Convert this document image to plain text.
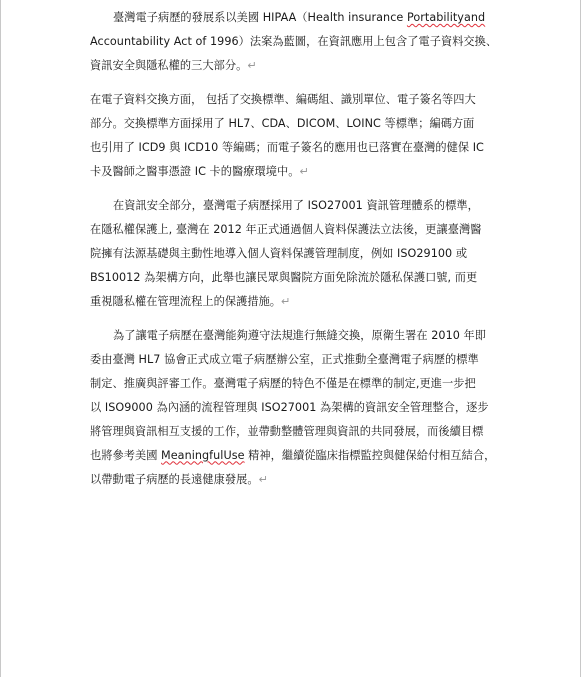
臺灣電子病歷的發展系以美國 HIPAA（Health insurance Portabilityand
Accountability Act of 1996）法案為藍圖，在資訊應用上包含了電子資料交換、
資訊安全與隱私權的三大部分。↵
在電子資料交換方面， 包括了交換標準、編碼組、識別單位、電子簽名等四大
部分。交換標準方面採用了 HL7、CDA、DICOM、LOINC 等標準；編碼方面
也引用了 ICD9 與 ICD10 等編碼；而電子簽名的應用也已落實在臺灣的健保 IC
卡及醫師之醫事憑證 IC 卡的醫療環境中。↵
在資訊安全部分，臺灣電子病歷採用了 ISO27001 資訊管理體系的標準，
在隱私權保護上, 臺灣在 2012 年正式通過個人資料保護法立法後，更讓臺灣醫
院擁有法源基礎與主動性地導入個人資料保護管理制度，例如 ISO29100 或
BS10012 為架構方向，此舉也讓民眾與醫院方面免除流於隱私保護口號, 而更
重視隱私權在管理流程上的保護措施。↵
為了讓電子病歷在臺灣能夠遵守法規進行無縫交換，原衛生署在 2010 年即
委由臺灣 HL7 協會正式成立電子病歷辦公室，正式推動全臺灣電子病歷的標準
制定、推廣與評審工作。臺灣電子病歷的特色不僅是在標準的制定,更進一步把
以 ISO9000 為內涵的流程管理與 ISO27001 為架構的資訊安全管理整合，逐步
將管理與資訊相互支援的工作，並帶動整體管理與資訊的共同發展，而後續目標
也將參考美國 MeaningfulUse 精神，繼續從臨床指標監控與健保給付相互結合，
以帶動電子病歷的長遠健康發展。↵
